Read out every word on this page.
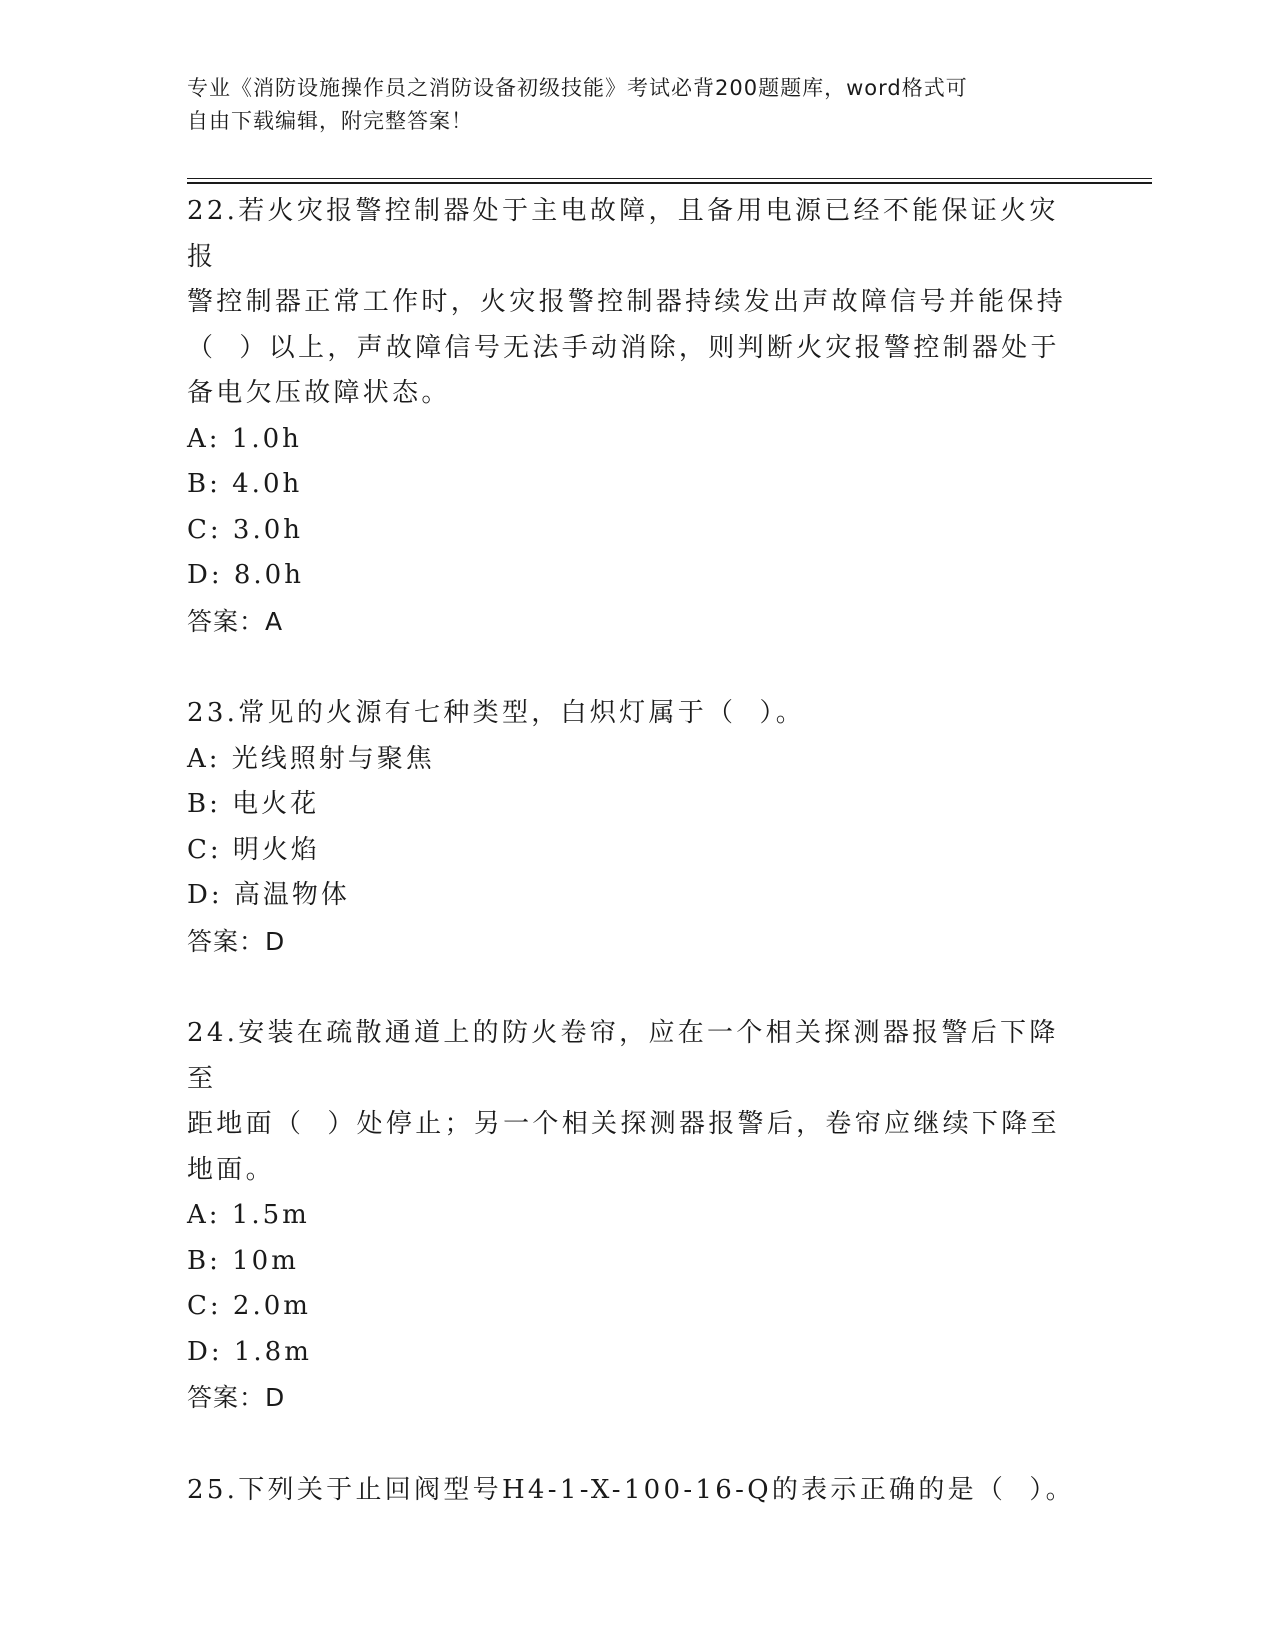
专业《消防设施操作员之消防设备初级技能》考试必背200题题库，word格式可
自由下载编辑，附完整答案！

22.若火灾报警控制器处于主电故障，且备用电源已经不能保证火灾报

警控制器正常工作时，火灾报警控制器持续发出声故障信号并能保持

（  ）以上，声故障信号无法手动消除，则判断火灾报警控制器处于

备电欠压故障状态。

A: 1.0h

B: 4.0h

C: 3.0h

D: 8.0h

答案：A

23.常见的火源有七种类型，白炽灯属于（  ）。

A: 光线照射与聚焦

B: 电火花

C: 明火焰

D: 高温物体

答案：D

24.安装在疏散通道上的防火卷帘，应在一个相关探测器报警后下降至

距地面（  ）处停止；另一个相关探测器报警后，卷帘应继续下降至

地面。

A: 1.5m

B: 10m

C: 2.0m

D: 1.8m

答案：D

25.下列关于止回阀型号H4-1-X-100-16-Q的表示正确的是（  ）。
